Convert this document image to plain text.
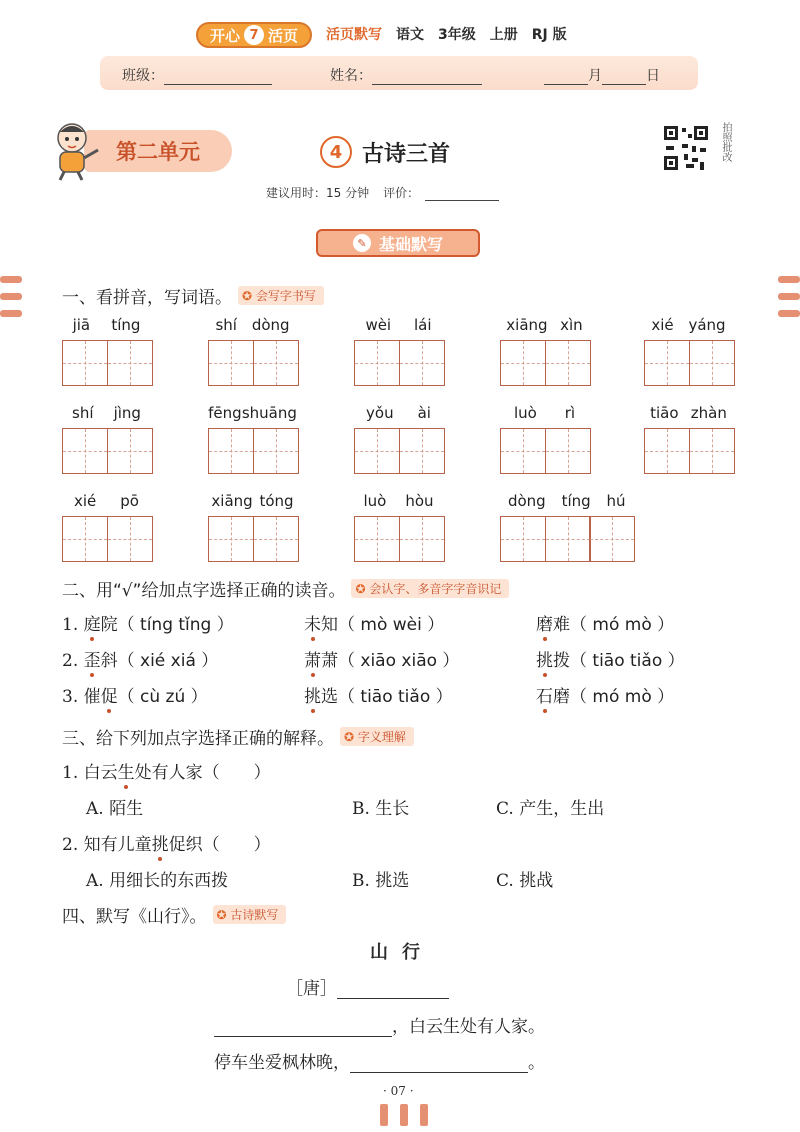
开心 7 活页 活页默写 语文 3年级 上册 RJ 版
班级：	姓名：	月	日
第二单元	4 古诗三首	拍照批改
建议用时：15 分钟 评价：
✎ 基础默写
一、看拼音，写词语。	✪ 会写字书写
jiā tíng	shí dòng	wèi lái	xiāng xìn	xié yáng
shí jìng	fēng shuāng	yǒu ài	luò rì	tiāo zhàn
xié pō	xiāng tóng	luò hòu	dòng tíng hú
二、用“√”给加点字选择正确的读音。	✪ 会认字、多音字字音识记
1. 庭院（ tíng tǐng ）	未知（ mò wèi ）	磨难（ mó mò ）
2. 歪斜（ xié xiá ）	萧萧（ xiāo xiāo ）	挑拨（ tiāo tiǎo ）
3. 催促（ cù zú ）	挑选（ tiāo tiǎo ）	石磨（ mó mò ）
三、给下列加点字选择正确的解释。	✪ 字义理解
1. 白云生处有人家（　　）
A. 陌生	B. 生长	C. 产生，生出
2. 知有儿童挑促织（　　）
A. 用细长的东西拨	B. 挑选	C. 挑战
四、默写《山行》。	✪ 古诗默写
山行
［唐］
，白云生处有人家。
停车坐爱枫林晚，	。
· 07 ·
